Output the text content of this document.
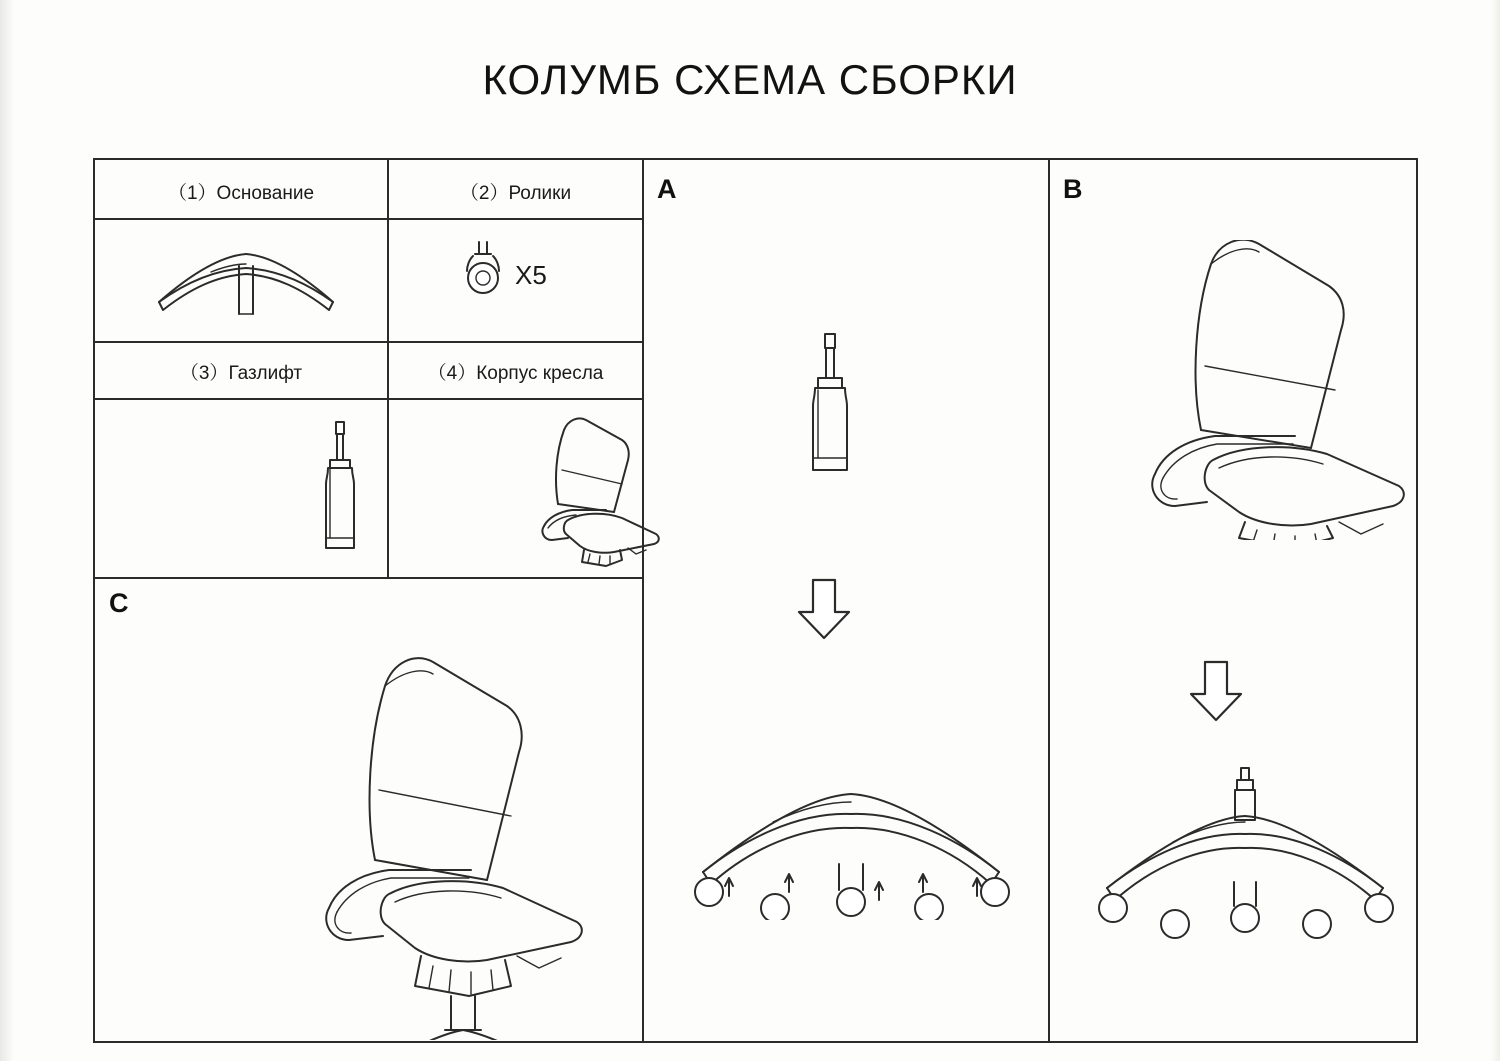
КОЛУМБ СХЕМА СБОРКИ
（1）Основание	（2）Ролики
（3）Газлифт	（4）Корпус кресла
X5
C
A	B
